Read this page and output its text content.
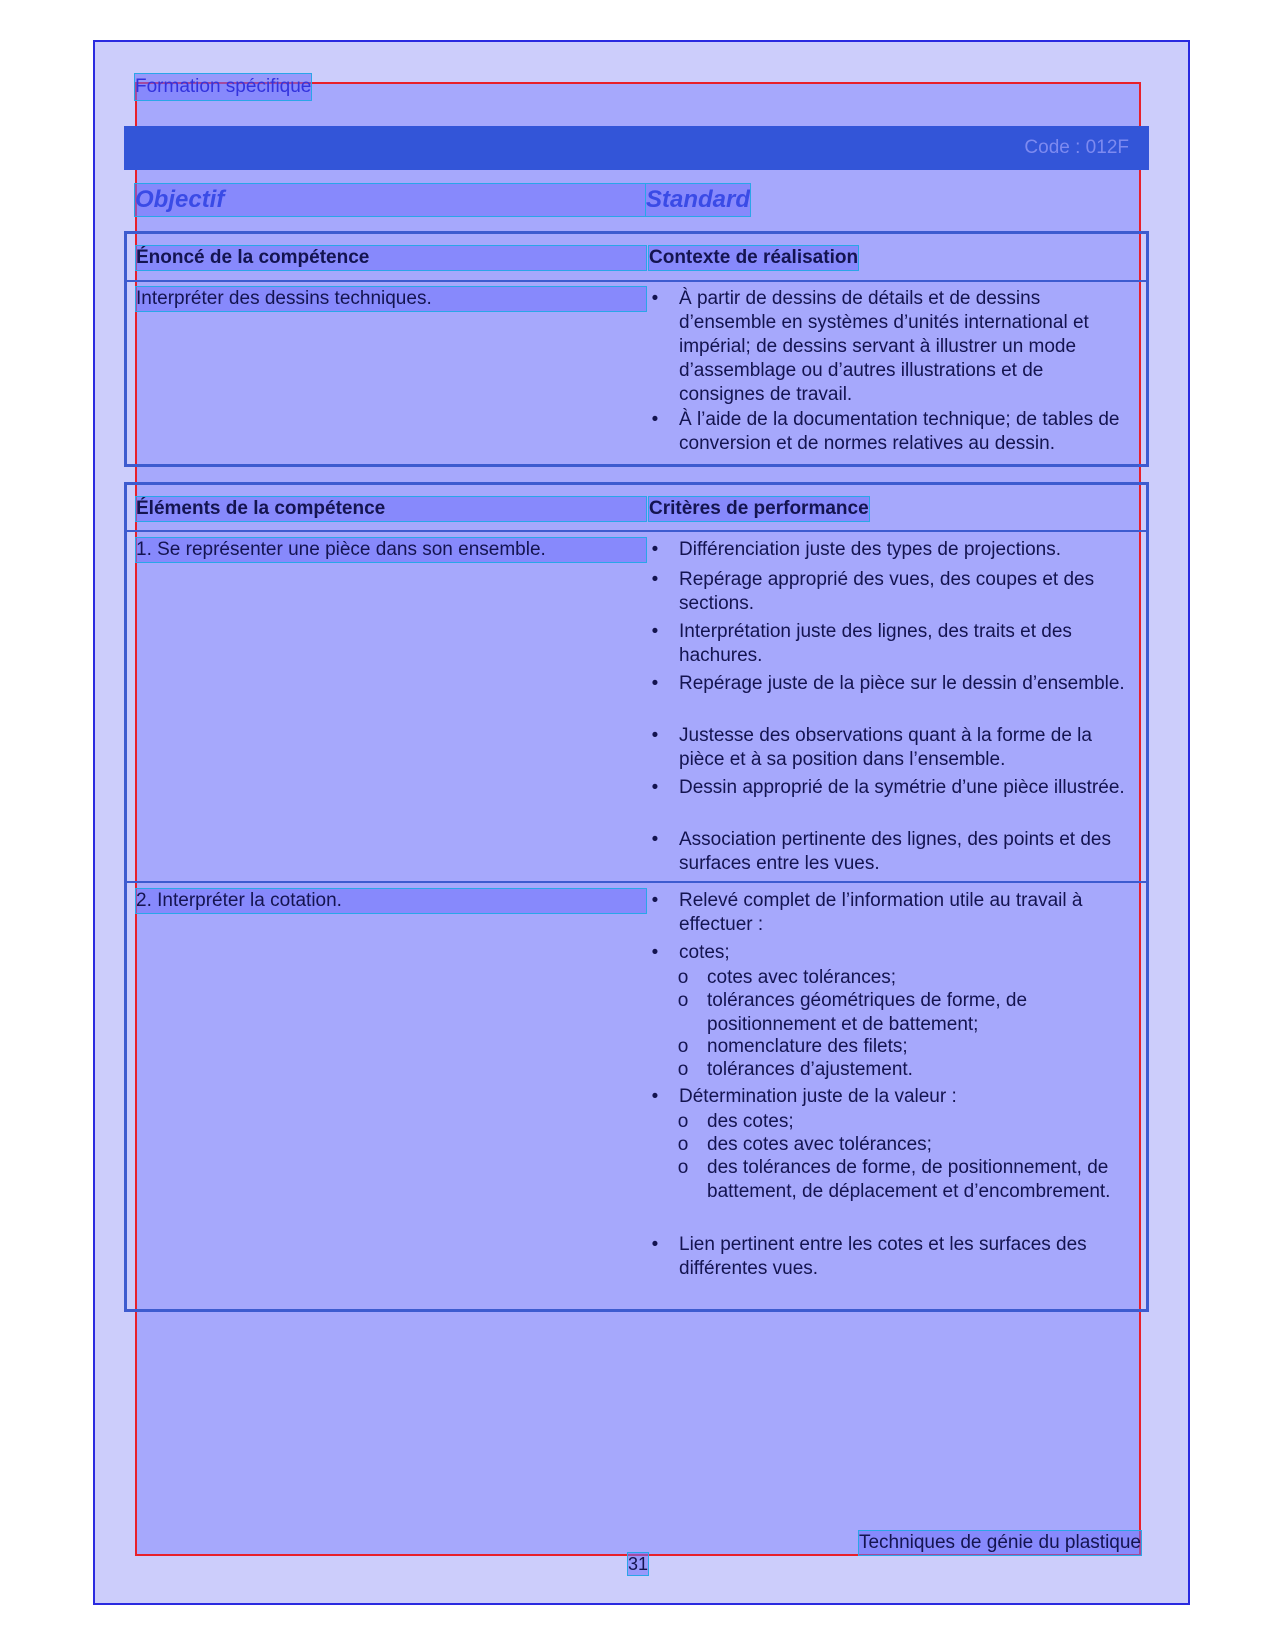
Formation spécifique
Code : 012F
Objectif	Standard
Énoncé de la compétence	Contexte de réalisation
Interpréter des dessins techniques.	• À partir de dessins de détails et de dessins d’ensemble en systèmes d’unités international et impérial; de dessins servant à illustrer un mode d’assemblage ou d’autres illustrations et de consignes de travail.
• À l’aide de la documentation technique; de tables de conversion et de normes relatives au dessin.
Éléments de la compétence	Critères de performance
1. Se représenter une pièce dans son ensemble.	• Différenciation juste des types de projections.
• Repérage approprié des vues, des coupes et des sections.
• Interprétation juste des lignes, des traits et des hachures.
• Repérage juste de la pièce sur le dessin d’ensemble.
• Justesse des observations quant à la forme de la pièce et à sa position dans l’ensemble.
• Dessin approprié de la symétrie d’une pièce illustrée.
• Association pertinente des lignes, des points et des surfaces entre les vues.
2. Interpréter la cotation.	• Relevé complet de l’information utile au travail à effectuer :
• cotes;
o cotes avec tolérances;
o tolérances géométriques de forme, de positionnement et de battement;
o nomenclature des filets;
o tolérances d’ajustement.
• Détermination juste de la valeur :
o des cotes;
o des cotes avec tolérances;
o des tolérances de forme, de positionnement, de battement, de déplacement et d’encombrement.
• Lien pertinent entre les cotes et les surfaces des différentes vues.
Techniques de génie du plastique
31
